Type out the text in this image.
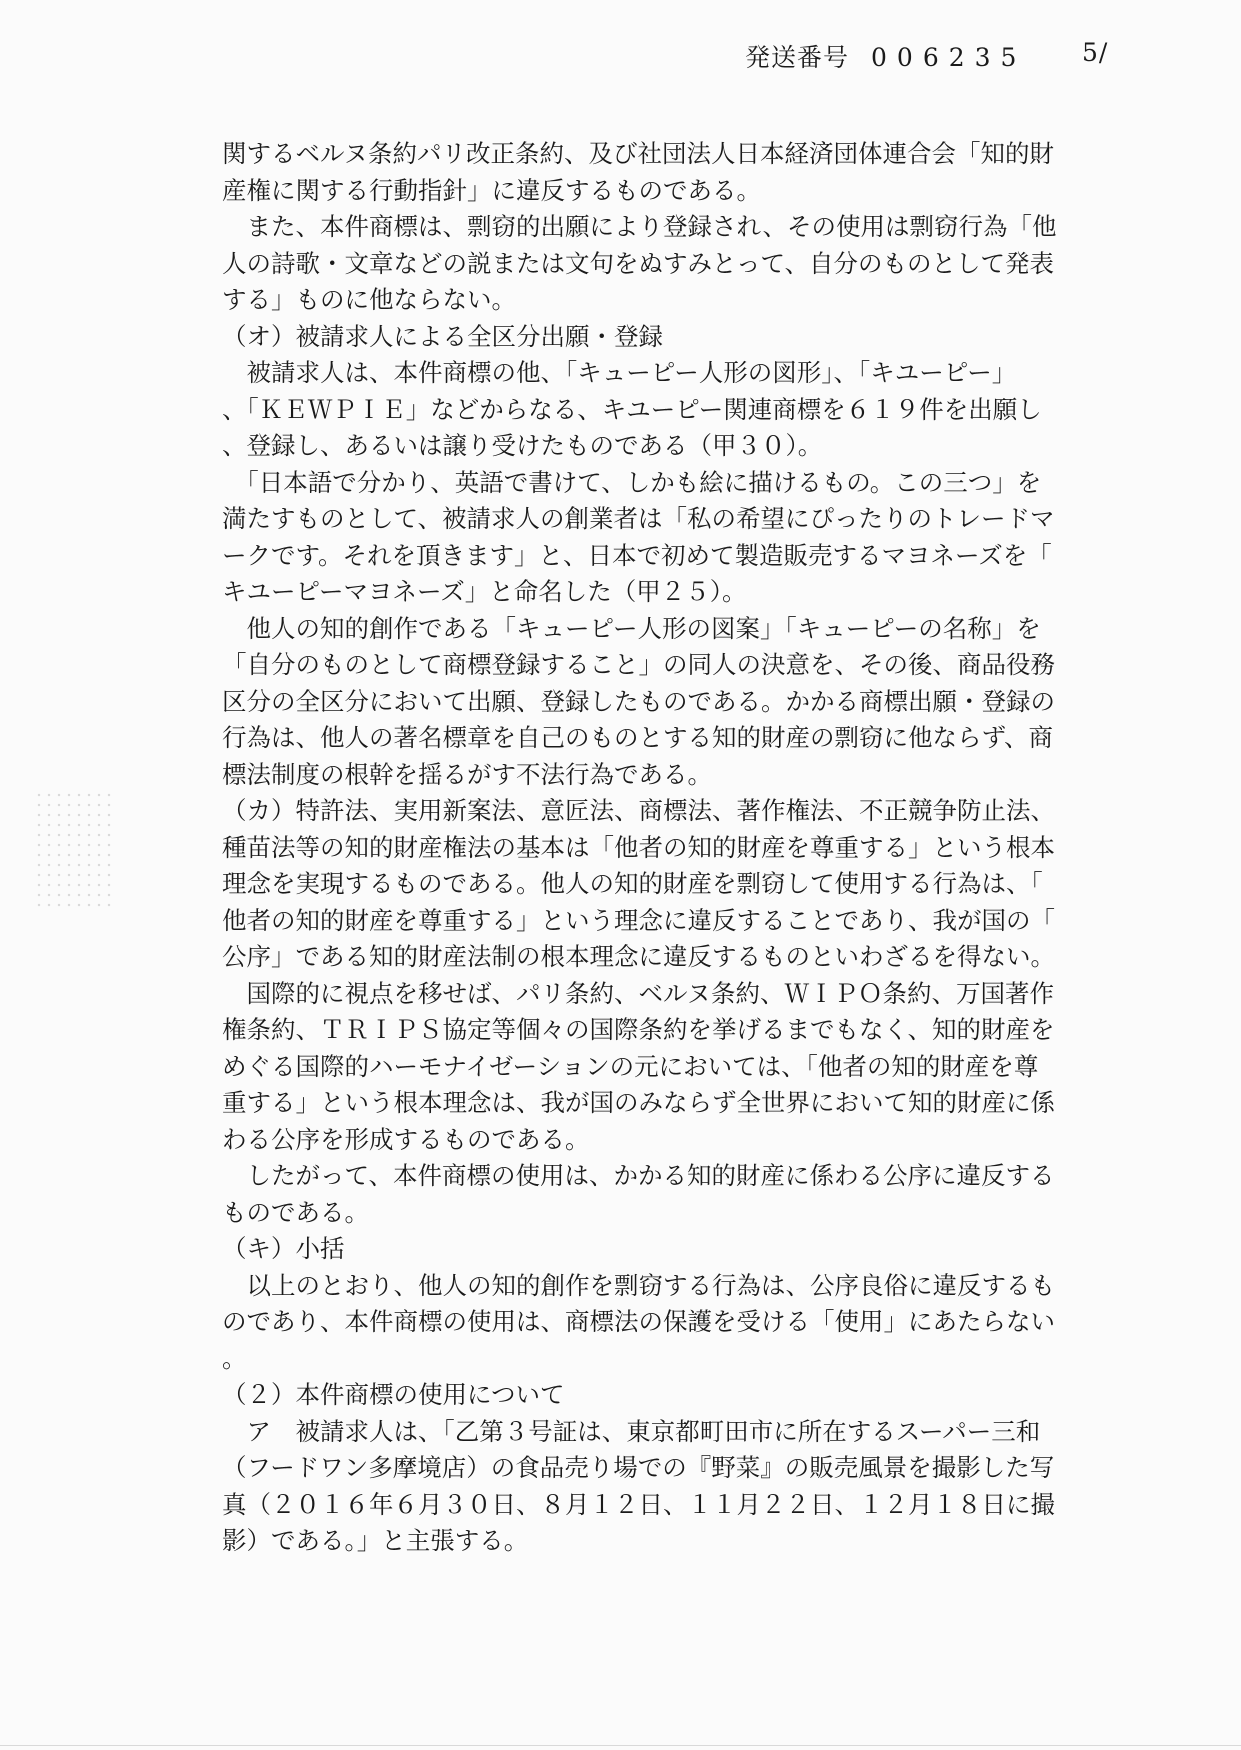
発送番号 006235 5/
関するベルヌ条約パリ改正条約、及び社団法人日本経済団体連合会「知的財
産権に関する行動指針」に違反するものである。
　また、本件商標は、剽窃的出願により登録され、その使用は剽窃行為「他
人の詩歌・文章などの説または文句をぬすみとって、自分のものとして発表
する」ものに他ならない。
（オ）被請求人による全区分出願・登録
　被請求人は、本件商標の他、「キューピー人形の図形」、「キユーピー」
、「ＫＥＷＰＩＥ」などからなる、キユーピー関連商標を６１９件を出願し
、登録し、あるいは譲り受けたものである（甲３０）。
　「日本語で分かり、英語で書けて、しかも絵に描けるもの。この三つ」を
満たすものとして、被請求人の創業者は「私の希望にぴったりのトレードマ
ークです。それを頂きます」と、日本で初めて製造販売するマヨネーズを「
キユーピーマヨネーズ」と命名した（甲２５）。
　他人の知的創作である「キューピー人形の図案」「キューピーの名称」を
「自分のものとして商標登録すること」の同人の決意を、その後、商品役務
区分の全区分において出願、登録したものである。かかる商標出願・登録の
行為は、他人の著名標章を自己のものとする知的財産の剽窃に他ならず、商
標法制度の根幹を揺るがす不法行為である。
（カ）特許法、実用新案法、意匠法、商標法、著作権法、不正競争防止法、
種苗法等の知的財産権法の基本は「他者の知的財産を尊重する」という根本
理念を実現するものである。他人の知的財産を剽窃して使用する行為は、「
他者の知的財産を尊重する」という理念に違反することであり、我が国の「
公序」である知的財産法制の根本理念に違反するものといわざるを得ない。
　国際的に視点を移せば、パリ条約、ベルヌ条約、ＷＩＰＯ条約、万国著作
権条約、ＴＲＩＰＳ協定等個々の国際条約を挙げるまでもなく、知的財産を
めぐる国際的ハーモナイゼーションの元においては、「他者の知的財産を尊
重する」という根本理念は、我が国のみならず全世界において知的財産に係
わる公序を形成するものである。
　したがって、本件商標の使用は、かかる知的財産に係わる公序に違反する
ものである。
（キ）小括
　以上のとおり、他人の知的創作を剽窃する行為は、公序良俗に違反するも
のであり、本件商標の使用は、商標法の保護を受ける「使用」にあたらない
。
（２）本件商標の使用について
　ア　被請求人は、「乙第３号証は、東京都町田市に所在するスーパー三和
（フードワン多摩境店）の食品売り場での『野菜』の販売風景を撮影した写
真（２０１６年６月３０日、８月１２日、１１月２２日、１２月１８日に撮
影）である。」と主張する。
